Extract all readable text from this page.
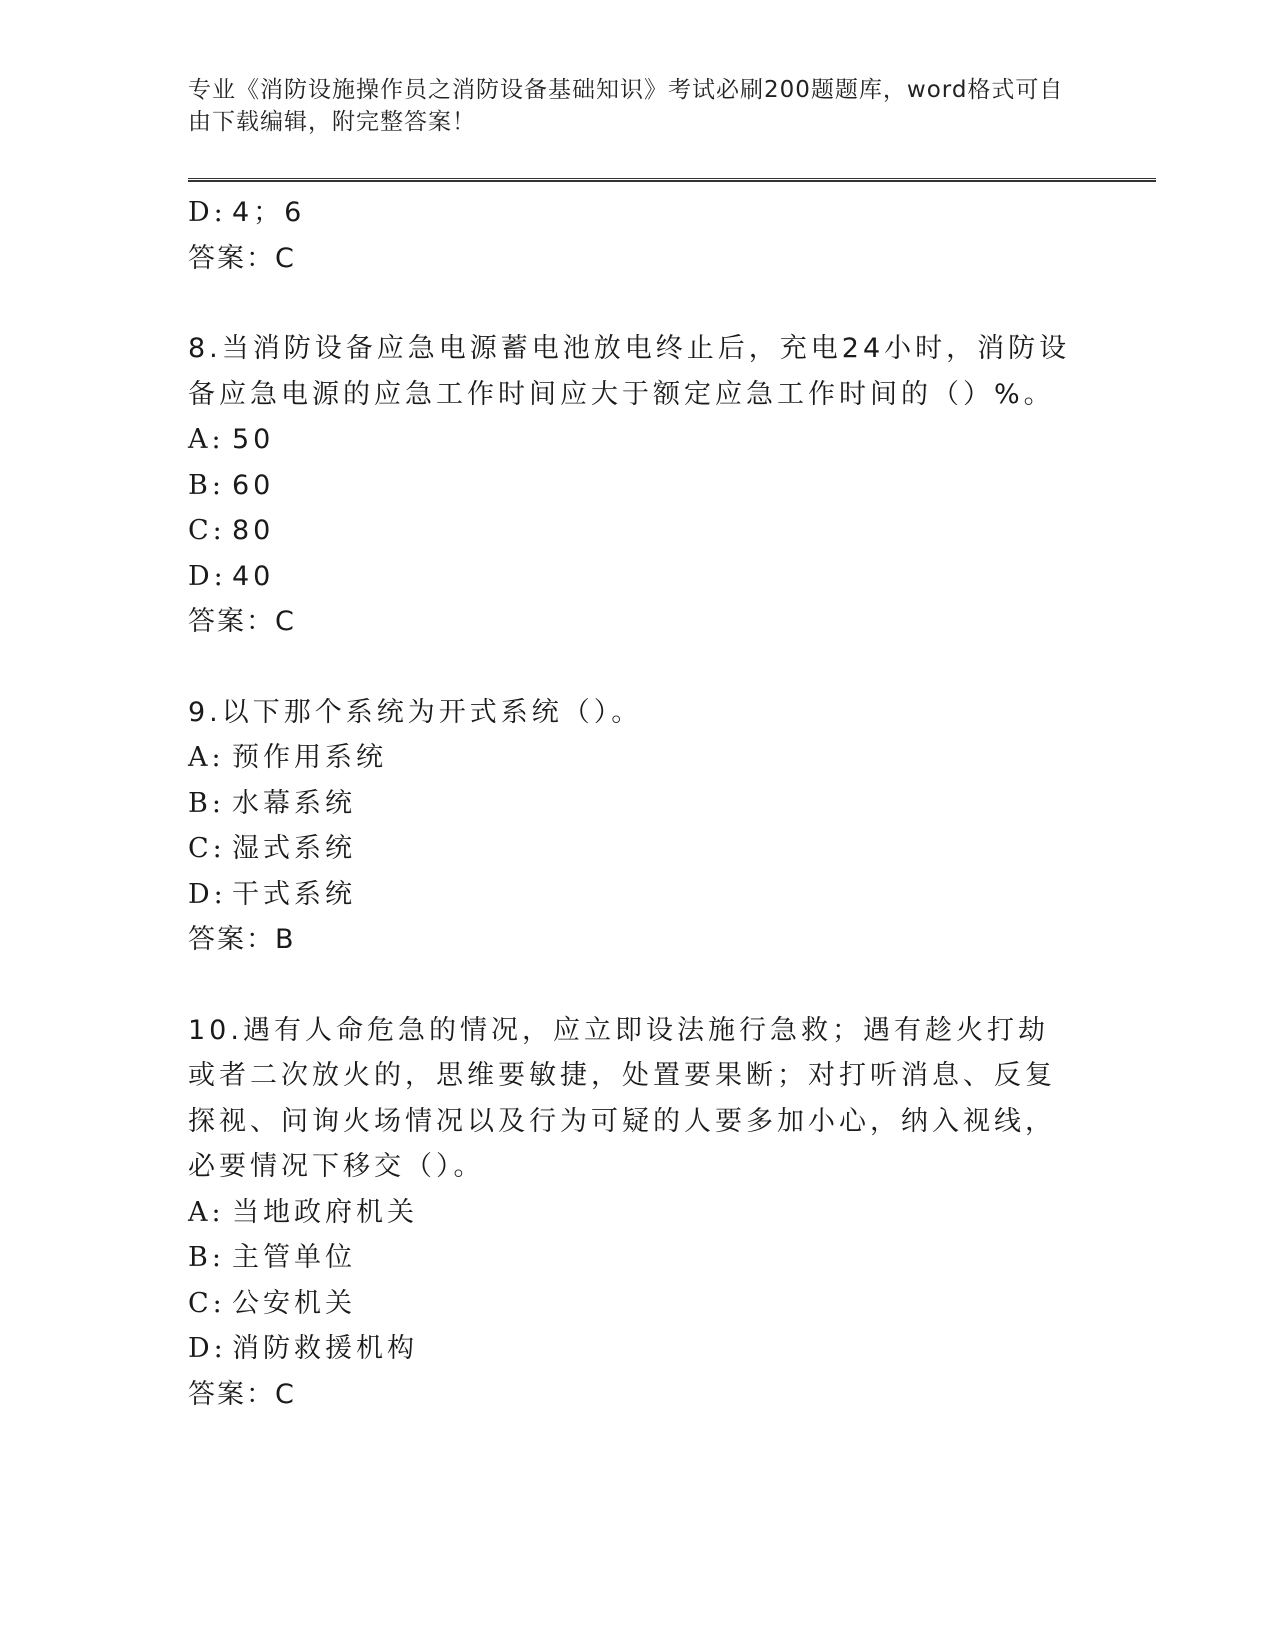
专业《消防设施操作员之消防设备基础知识》考试必刷200题题库，word格式可自由下载编辑，附完整答案！
D: 4；6
答案：C
8.当消防设备应急电源蓄电池放电终止后，充电24小时，消防设备应急电源的应急工作时间应大于额定应急工作时间的（）%。
A: 50
B: 60
C: 80
D: 40
答案：C
9.以下那个系统为开式系统（）。
A: 预作用系统
B: 水幕系统
C: 湿式系统
D: 干式系统
答案：B
10.遇有人命危急的情况，应立即设法施行急救；遇有趁火打劫或者二次放火的，思维要敏捷，处置要果断；对打听消息、反复探视、问询火场情况以及行为可疑的人要多加小心，纳入视线，必要情况下移交（）。
A: 当地政府机关
B: 主管单位
C: 公安机关
D: 消防救援机构
答案：C
